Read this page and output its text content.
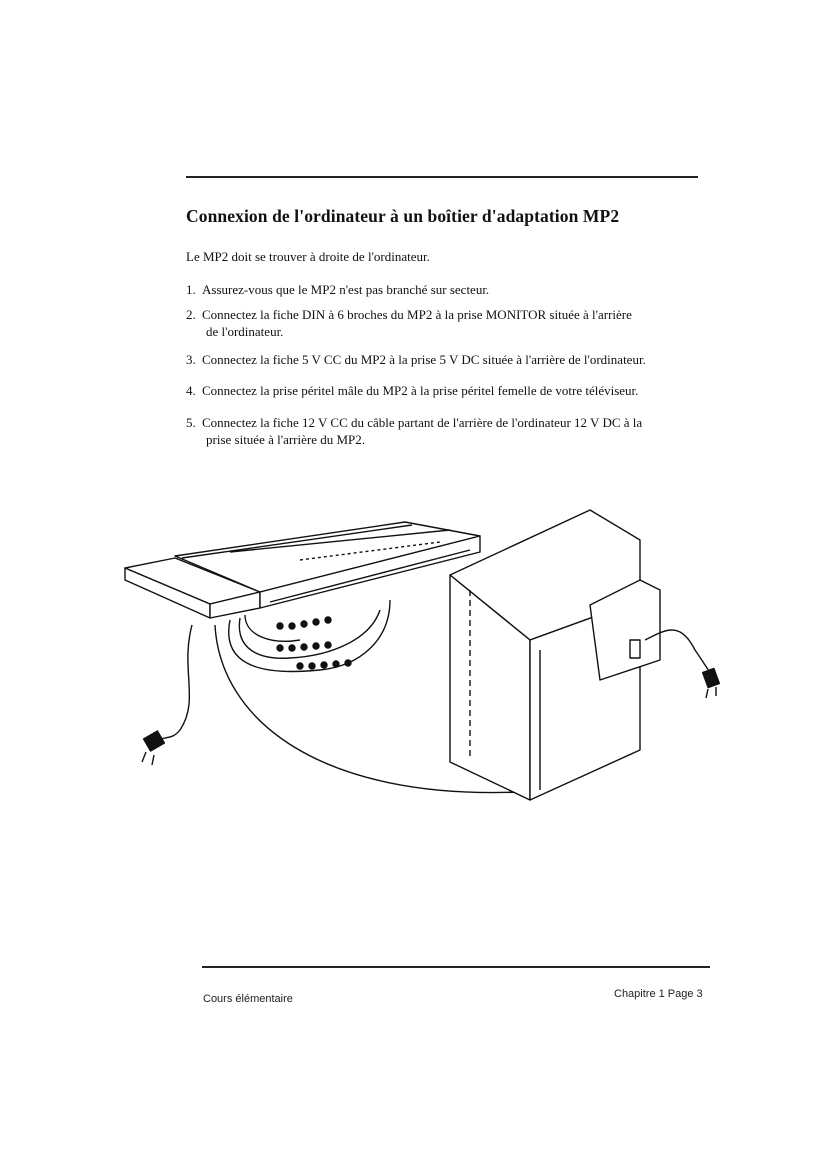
Connexion de l'ordinateur à un boîtier d'adaptation MP2

Le MP2 doit se trouver à droite de l'ordinateur.

1. Assurez-vous que le MP2 n'est pas branché sur secteur.

2. Connectez la fiche DIN à 6 broches du MP2 à la prise MONITOR située à l'arrière
de l'ordinateur.

3. Connectez la fiche 5 V CC du MP2 à la prise 5 V DC située à l'arrière de l'ordinateur.

4. Connectez la prise péritel mâle du MP2 à la prise péritel femelle de votre téléviseur.

5. Connectez la fiche 12 V CC du câble partant de l'arrière de l'ordinateur 12 V DC à la
prise située à l'arrière du MP2.

Cours élémentaire	Chapitre 1 Page 3
